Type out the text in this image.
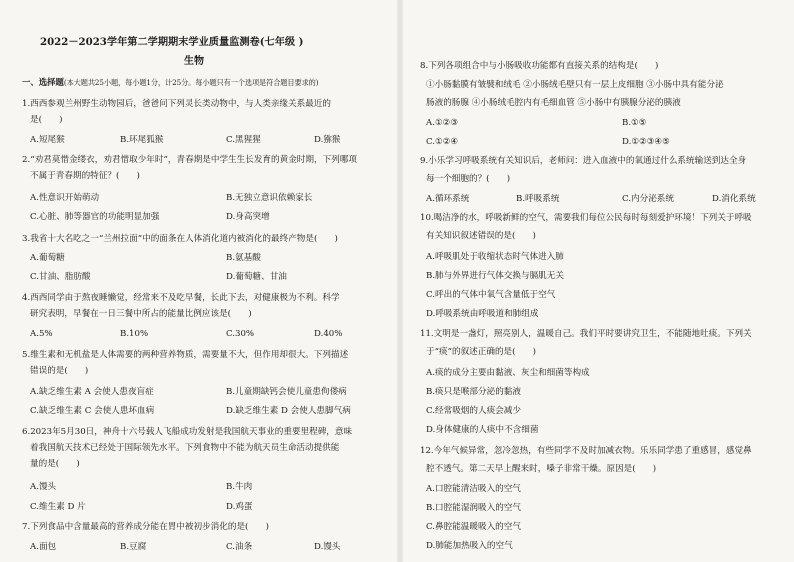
2022－2023学年第二学期期末学业质量监测卷(七年级 )
生物
一、选择题(本大题共25小题，每小题1分，计25分。每小题只有一个选项是符合题目要求的)
1.西西参观兰州野生动物园后，爸爸问下列灵长类动物中，与人类亲缘关系最近的
是(　　)
A.短尾猴	B.环尾狐猴	C.黑猩猩	D.猕猴
2.“劝君莫惜金缕衣，劝君惜取少年时”，青春期是中学生生长发育的黄金时期，下列哪项
不属于青春期的特征？(　　)
A.性意识开始萌动	B.无独立意识依赖家长
C.心脏、肺等器官的功能明显加强	D.身高突增
3.我省十大名吃之一“兰州拉面”中的面条在人体消化道内被消化的最终产物是(　　)
A.葡萄糖	B.氨基酸
C.甘油、脂肪酸	D.葡萄糖、甘油
4.西西同学由于熬夜睡懒觉，经常来不及吃早餐，长此下去，对健康极为不利。科学
研究表明，早餐在一日三餐中所占的能量比例应该是(　　)
A.5%	B.10%	C.30%	D.40%
5.维生素和无机盐是人体需要的两种营养物质，需要量不大，但作用却很大。下列描述
错误的是(　　)
A.缺乏维生素 A 会使人患夜盲症	B.儿童期缺钙会使儿童患佝偻病
C.缺乏维生素 C 会使人患坏血病	D.缺乏维生素 D 会使人患脚气病
6.2023年5月30日，神舟十六号载人飞船成功发射是我国航天事业的重要里程碑，意味
着我国航天技术已经处于国际领先水平。下列食物中不能为航天员生命活动提供能
量的是(　　)
A.馒头	B.牛肉
C.维生素 D 片	D.鸡蛋
7.下列食品中含量最高的营养成分能在胃中被初步消化的是(　　)
A.面包	B.豆腐	C.油条	D.馒头
8.下列各项组合中与小肠吸收功能都有直接关系的结构是(　　)
①小肠黏膜有皱襞和绒毛 ②小肠绒毛壁只有一层上皮细胞 ③小肠中具有能分泌
肠液的肠腺 ④小肠绒毛腔内有毛细血管 ⑤小肠中有胰腺分泌的胰液
A.①②③	B.①⑤
C.①②④	D.①②③④⑤
9.小乐学习呼吸系统有关知识后，老师问：进入血液中的氧通过什么系统输送到达全身
每一个细胞的？(　　)
A.循环系统	B.呼吸系统	C.内分泌系统	D.消化系统
10.喝洁净的水，呼吸新鲜的空气，需要我们每位公民每时每刻爱护环境！下列关于呼吸
有关知识叙述错误的是(　　)
A.呼吸肌处于收缩状态时气体进入肺
B.肺与外界进行气体交换与膈肌无关
C.呼出的气体中氧气含量低于空气
D.呼吸系统由呼吸道和肺组成
11.文明是一盏灯，照亮别人，温暖自己。我们平时要讲究卫生，不能随地吐痰。下列关
于“痰”的叙述正确的是(　　)
A.痰的成分主要由黏液、灰尘和细菌等构成
B.痰只是喉部分泌的黏液
C.经常吸烟的人痰会减少
D.身体健康的人痰中不含细菌
12.今年气候异常，忽冷忽热，有些同学不及时加减衣物。乐乐同学患了重感冒，感觉鼻
腔不透气。第二天早上醒来时，嗓子非常干燥。原因是(　　)
A.口腔能清洁吸入的空气
B.口腔能湿润吸入的空气
C.鼻腔能温暖吸入的空气
D.肺能加热吸入的空气
